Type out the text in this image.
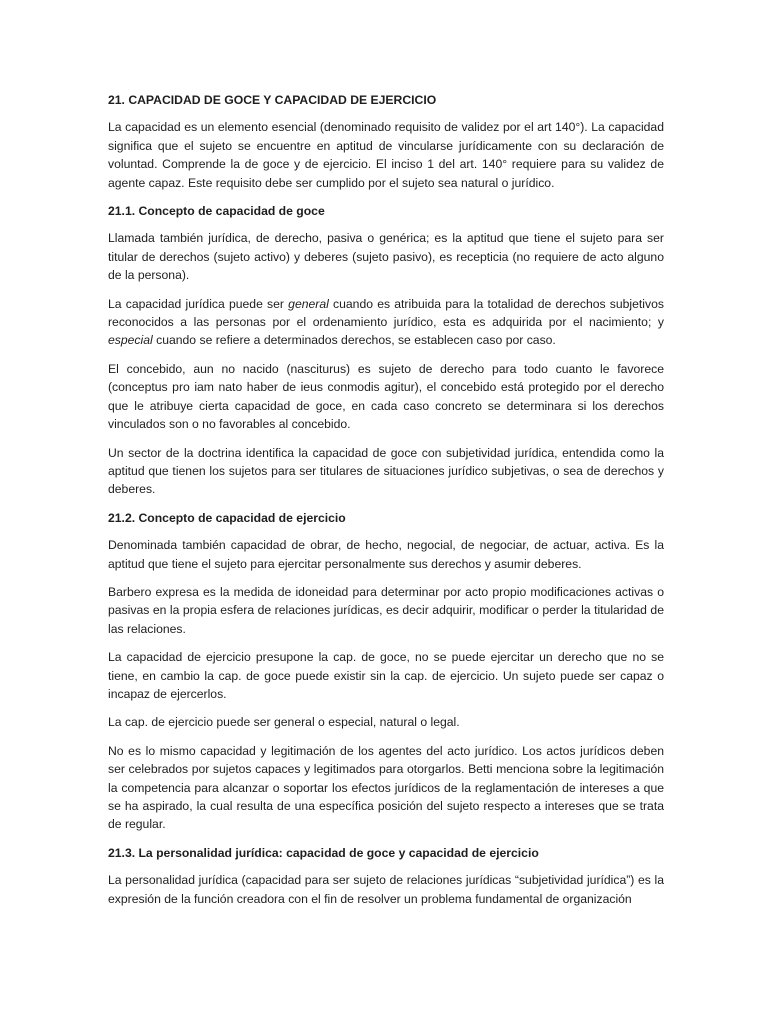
21. CAPACIDAD DE GOCE Y CAPACIDAD DE EJERCICIO
La capacidad es un elemento esencial (denominado requisito de validez por el art 140°). La capacidad significa que el sujeto se encuentre en aptitud de vincularse jurídicamente con su declaración de voluntad. Comprende la de goce y de ejercicio. El inciso 1 del art. 140° requiere para su validez de agente capaz. Este requisito debe ser cumplido por el sujeto sea natural o jurídico.
21.1. Concepto de capacidad de goce
Llamada también jurídica, de derecho, pasiva o genérica; es la aptitud que tiene el sujeto para ser titular de derechos (sujeto activo) y deberes (sujeto pasivo), es recepticia (no requiere de acto alguno de la persona).
La capacidad jurídica puede ser general cuando es atribuida para la totalidad de derechos subjetivos reconocidos a las personas por el ordenamiento jurídico, esta es adquirida por el nacimiento; y especial cuando se refiere a determinados derechos, se establecen caso por caso.
El concebido, aun no nacido (nasciturus) es sujeto de derecho para todo cuanto le favorece (conceptus pro iam nato haber de ieus conmodis agitur), el concebido está protegido por el derecho que le atribuye cierta capacidad de goce, en cada caso concreto se determinara si los derechos vinculados son o no favorables al concebido.
Un sector de la doctrina identifica la capacidad de goce con subjetividad jurídica, entendida como la aptitud que tienen los sujetos para ser titulares de situaciones jurídico subjetivas, o sea de derechos y deberes.
21.2. Concepto de capacidad de ejercicio
Denominada también capacidad de obrar, de hecho, negocial, de negociar, de actuar, activa. Es la aptitud que tiene el sujeto para ejercitar personalmente sus derechos y asumir deberes.
Barbero expresa es la medida de idoneidad para determinar por acto propio modificaciones activas o pasivas en la propia esfera de relaciones jurídicas, es decir adquirir, modificar o perder la titularidad de las relaciones.
La capacidad de ejercicio presupone la cap. de goce, no se puede ejercitar un derecho que no se tiene, en cambio la cap. de goce puede existir sin la cap. de ejercicio. Un sujeto puede ser capaz o incapaz de ejercerlos.
La cap. de ejercicio puede ser general o especial, natural o legal.
No es lo mismo capacidad y legitimación de los agentes del acto jurídico. Los actos jurídicos deben ser celebrados por sujetos capaces y legitimados para otorgarlos. Betti menciona sobre la legitimación la competencia para alcanzar o soportar los efectos jurídicos de la reglamentación de intereses a que se ha aspirado, la cual resulta de una específica posición del sujeto respecto a intereses que se trata de regular.
21.3. La personalidad jurídica: capacidad de goce y capacidad de ejercicio
La personalidad jurídica (capacidad para ser sujeto de relaciones jurídicas “subjetividad jurídica”) es la expresión de la función creadora con el fin de resolver un problema fundamental de organización
